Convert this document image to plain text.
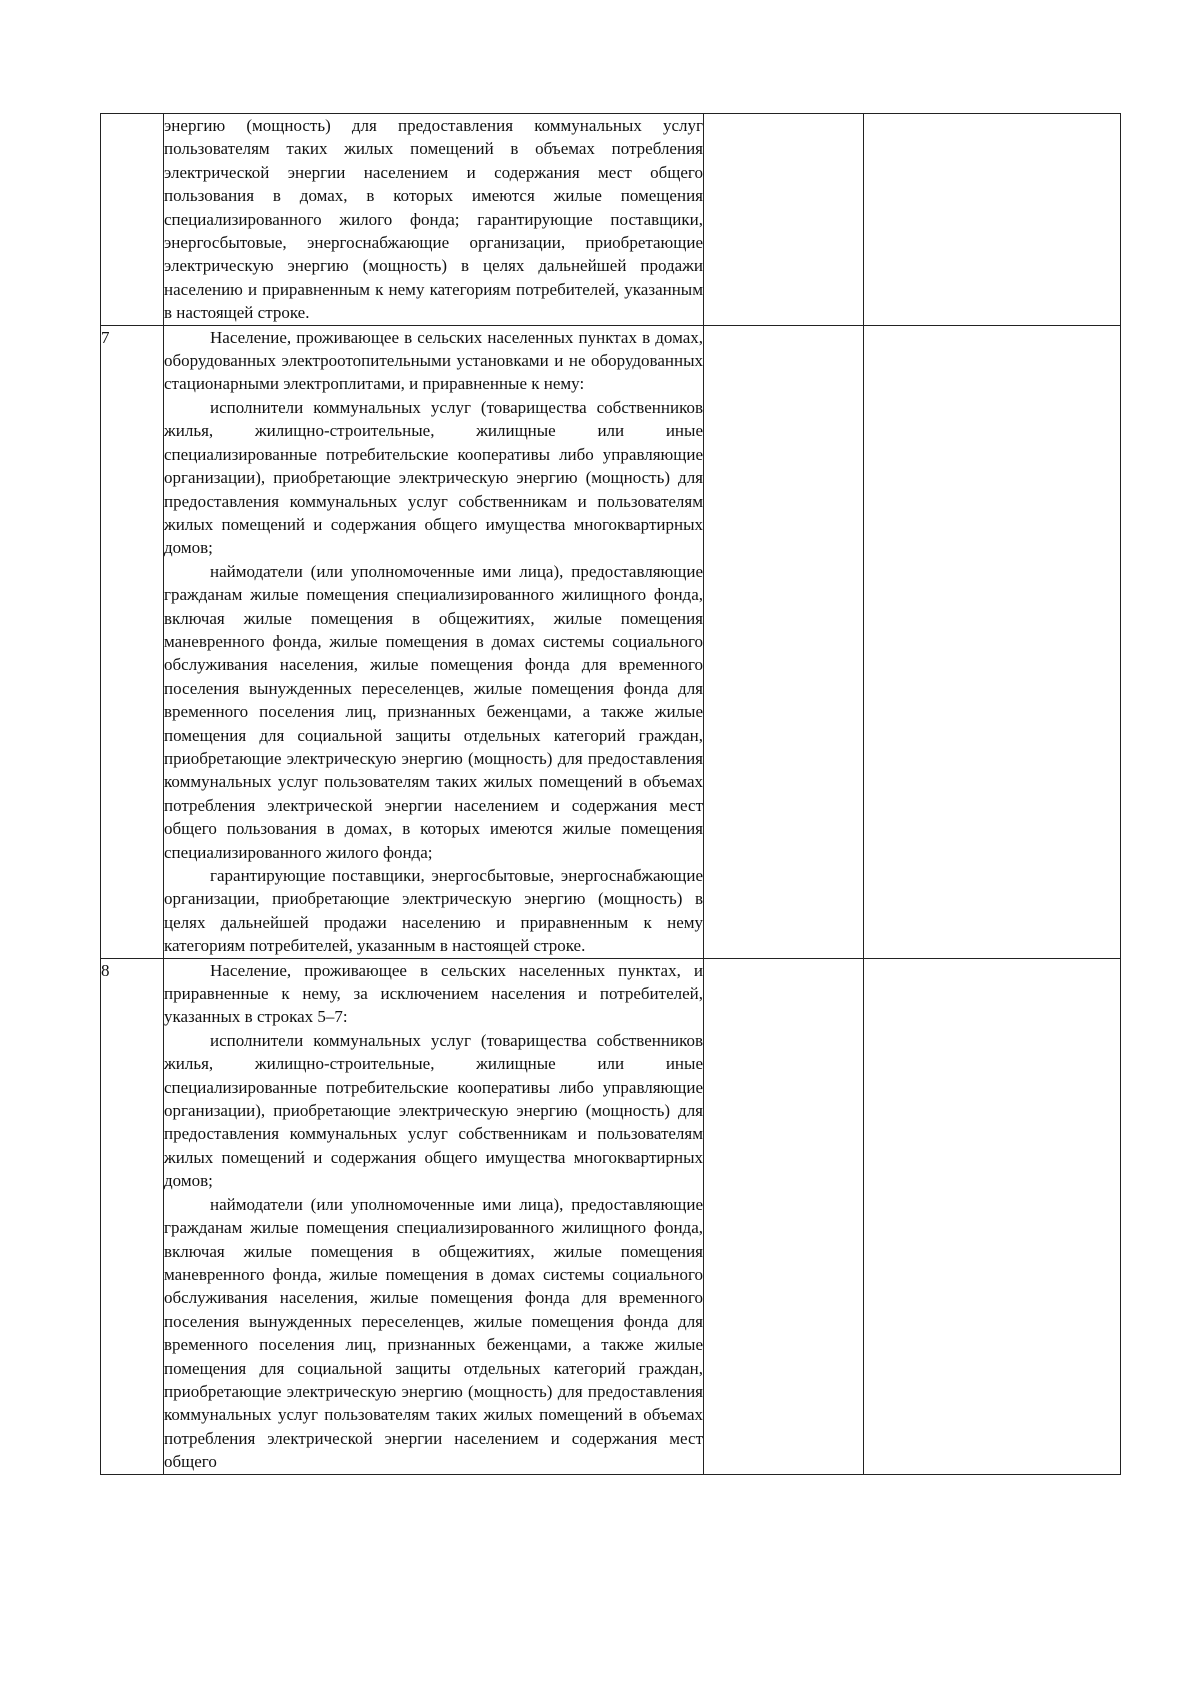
	энергию (мощность) для предоставления коммунальных услуг пользователям таких жилых помещений в объемах потребления электрической энергии населением и содержания мест общего пользования в домах, в которых имеются жилые помещения специализированного жилого фонда; гарантирующие поставщики, энергосбытовые, энергоснабжающие организации, приобретающие электрическую энергию (мощность) в целях дальнейшей продажи населению и приравненным к нему категориям потребителей, указанным в настоящей строке.		

7	Население, проживающее в сельских населенных пунктах в домах, оборудованных электроотопительными установками и не оборудованных стационарными электроплитами, и приравненные к нему:

исполнители коммунальных услуг (товарищества собственников жилья, жилищно-строительные, жилищные или иные специализированные потребительские кооперативы либо управляющие организации), приобретающие электрическую энергию (мощность) для предоставления коммунальных услуг собственникам и пользователям жилых помещений и содержания общего имущества многоквартирных домов;

наймодатели (или уполномоченные ими лица), предоставляющие гражданам жилые помещения специализированного жилищного фонда, включая жилые помещения в общежитиях, жилые помещения маневренного фонда, жилые помещения в домах системы социального обслуживания населения, жилые помещения фонда для временного поселения вынужденных переселенцев, жилые помещения фонда для временного поселения лиц, признанных беженцами, а также жилые помещения для социальной защиты отдельных категорий граждан, приобретающие электрическую энергию (мощность) для предоставления коммунальных услуг пользователям таких жилых помещений в объемах потребления электрической энергии населением и содержания мест общего пользования в домах, в которых имеются жилые помещения специализированного жилого фонда;

гарантирующие поставщики, энергосбытовые, энергоснабжающие организации, приобретающие электрическую энергию (мощность) в целях дальнейшей продажи населению и приравненным к нему категориям потребителей, указанным в настоящей строке.		

8	Население, проживающее в сельских населенных пунктах, и приравненные к нему, за исключением населения и потребителей, указанных в строках 5–7:

исполнители коммунальных услуг (товарищества собственников жилья, жилищно-строительные, жилищные или иные специализированные потребительские кооперативы либо управляющие организации), приобретающие электрическую энергию (мощность) для предоставления коммунальных услуг собственникам и пользователям жилых помещений и содержания общего имущества многоквартирных домов;

наймодатели (или уполномоченные ими лица), предоставляющие гражданам жилые помещения специализированного жилищного фонда, включая жилые помещения в общежитиях, жилые помещения маневренного фонда, жилые помещения в домах системы социального обслуживания населения, жилые помещения фонда для временного поселения вынужденных переселенцев, жилые помещения фонда для временного поселения лиц, признанных беженцами, а также жилые помещения для социальной защиты отдельных категорий граждан, приобретающие электрическую энергию (мощность) для предоставления коммунальных услуг пользователям таких жилых помещений в объемах потребления электрической энергии населением и содержания мест общего		
